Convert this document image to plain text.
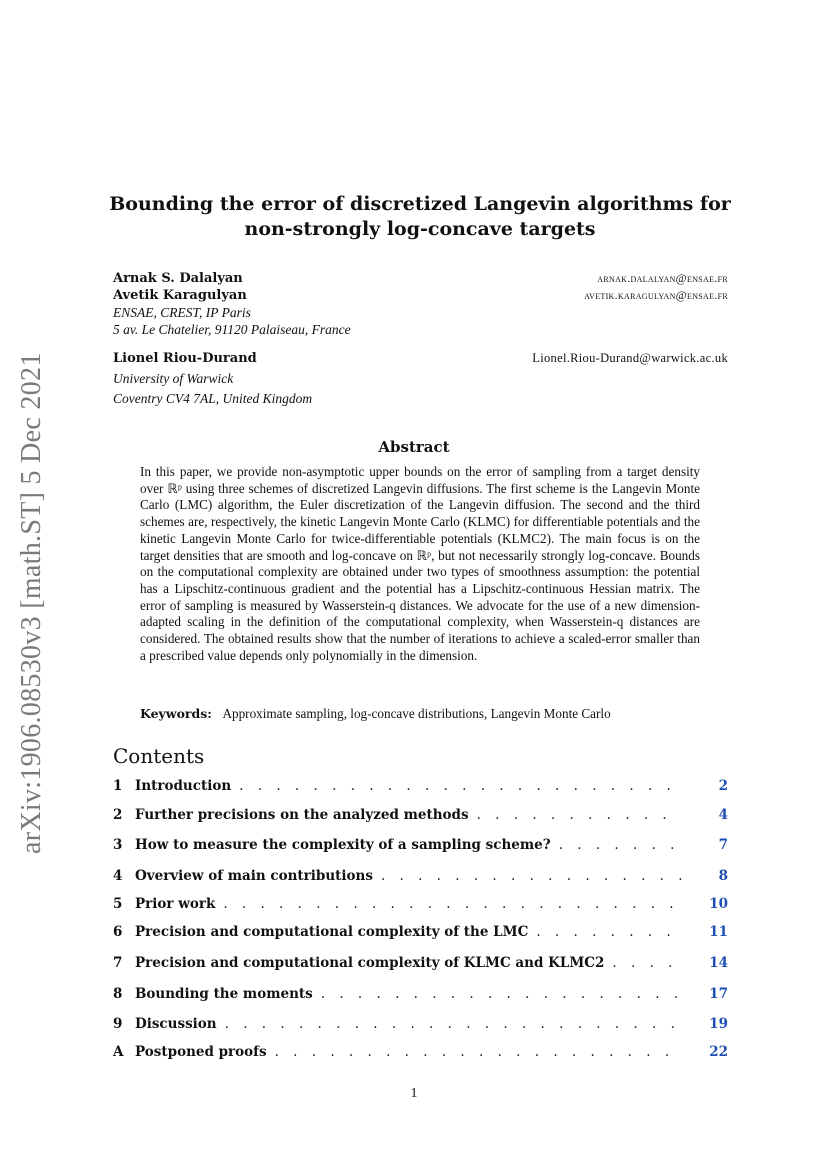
arXiv:1906.08530v3 [math.ST] 5 Dec 2021
Bounding the error of discretized Langevin algorithms for
non-strongly log-concave targets
Arnak S. Dalalyan	arnak.dalalyan@ensae.fr
Avetik Karagulyan	avetik.karagulyan@ensae.fr
ENSAE, CREST, IP Paris
5 av. Le Chatelier, 91120 Palaiseau, France
Lionel Riou-Durand	Lionel.Riou-Durand@warwick.ac.uk
University of Warwick
Coventry CV4 7AL, United Kingdom
Abstract
In this paper, we provide non-asymptotic upper bounds on the error of sampling from a target density over ℝᵖ using three schemes of discretized Langevin diffusions. The first scheme is the Langevin Monte Carlo (LMC) algorithm, the Euler discretization of the Langevin diffusion. The second and the third schemes are, respectively, the kinetic Langevin Monte Carlo (KLMC) for differentiable potentials and the kinetic Langevin Monte Carlo for twice-differentiable potentials (KLMC2). The main focus is on the target densities that are smooth and log-concave on ℝᵖ, but not necessarily strongly log-concave. Bounds on the computational complexity are obtained under two types of smoothness assumption: the potential has a Lipschitz-continuous gradient and the potential has a Lipschitz-continuous Hessian matrix. The error of sampling is measured by Wasserstein-q distances. We advocate for the use of a new dimension-adapted scaling in the definition of the computational complexity, when Wasserstein-q distances are considered. The obtained results show that the number of iterations to achieve a scaled-error smaller than a prescribed value depends only polynomially in the dimension.
Keywords: Approximate sampling, log-concave distributions, Langevin Monte Carlo
Contents
1 Introduction . . .	2
2 Further precisions on the analyzed methods . . .	4
3 How to measure the complexity of a sampling scheme? . . .	7
4 Overview of main contributions . . .	8
5 Prior work . . .	10
6 Precision and computational complexity of the LMC . . .	11
7 Precision and computational complexity of KLMC and KLMC2 . . .	14
8 Bounding the moments . . .	17
9 Discussion . . .	19
A Postponed proofs . . .	22
1
